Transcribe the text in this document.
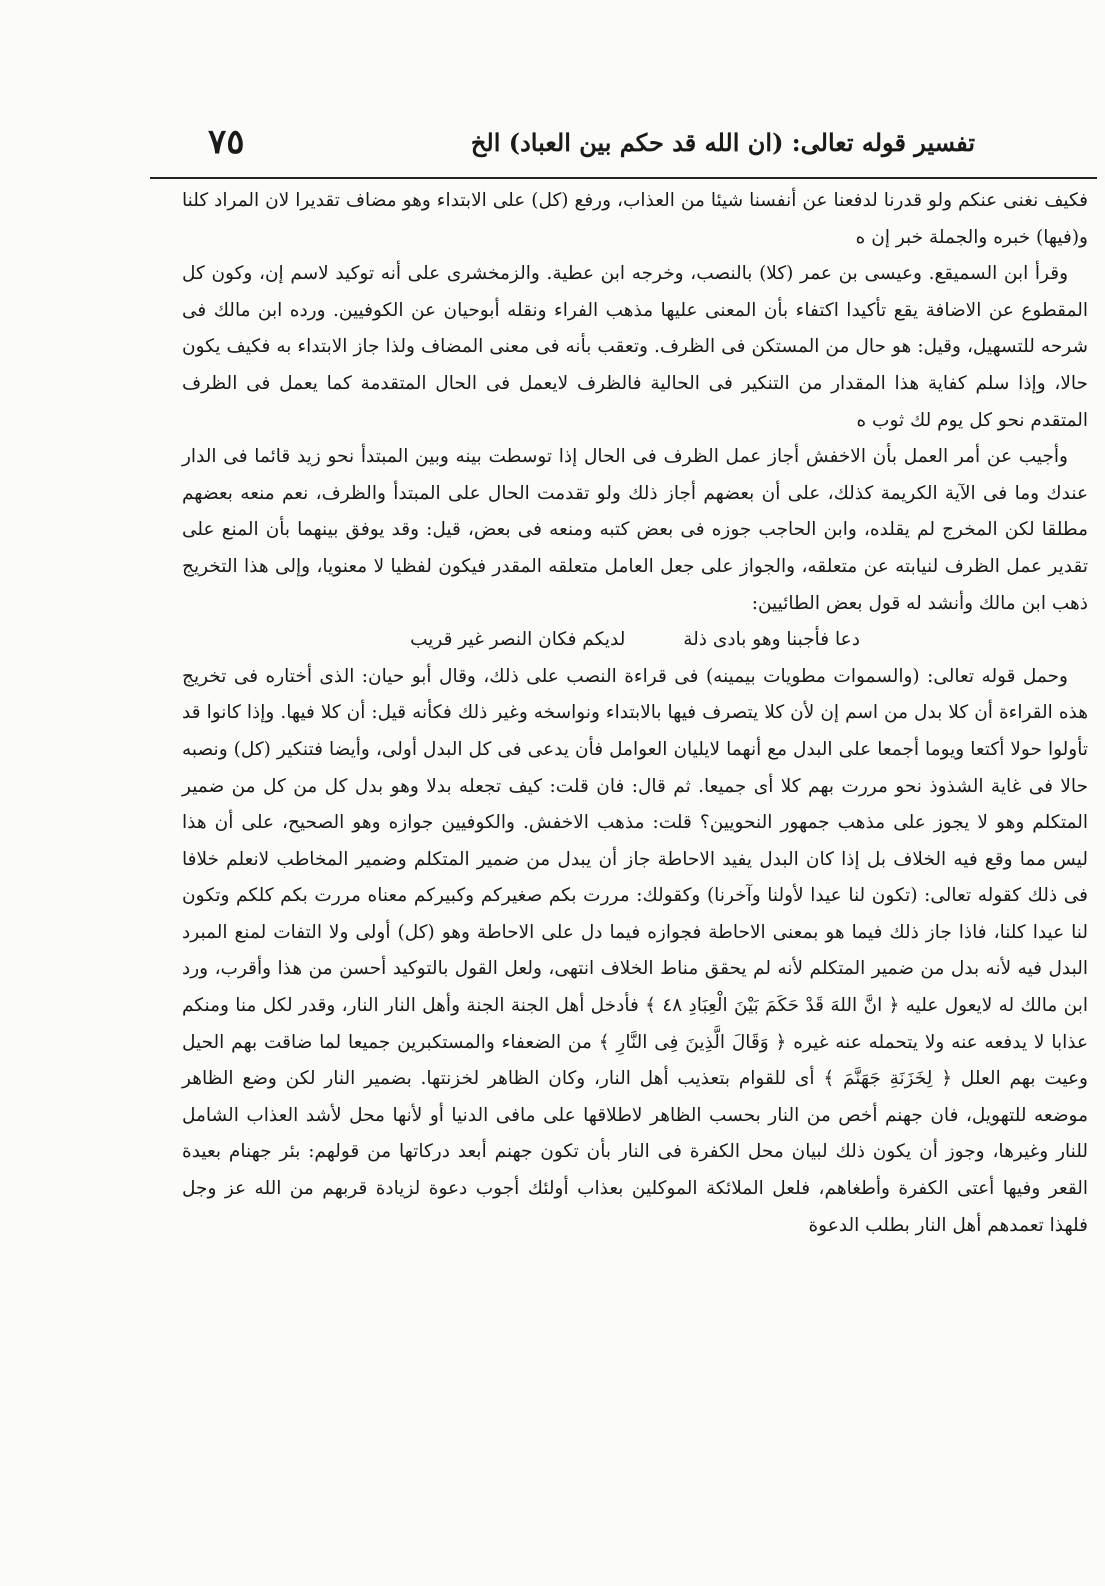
تفسير قوله تعالى: (ان الله قد حكم بين العباد) الخ
٧٥

فكيف نغنى عنكم ولو قدرنا لدفعنا عن أنفسنا شيئا من العذاب، ورفع (كل) على الابتداء وهو مضاف تقديرا لان المراد كلنا و(فيها) خبره والجملة خبر إن ه

وقرأ ابن السميقع. وعيسى بن عمر (كلا) بالنصب، وخرجه ابن عطية. والزمخشرى على أنه توكيد لاسم إن، وكون كل المقطوع عن الاضافة يقع تأكيدا اكتفاء بأن المعنى عليها مذهب الفراء ونقله أبوحيان عن الكوفيين. ورده ابن مالك فى شرحه للتسهيل، وقيل: هو حال من المستكن فى الظرف. وتعقب بأنه فى معنى المضاف ولذا جاز الابتداء به فكيف يكون حالا، وإذا سلم كفاية هذا المقدار من التنكير فى الحالية فالظرف لايعمل فى الحال المتقدمة كما يعمل فى الظرف المتقدم نحو كل يوم لك ثوب ه

وأجيب عن أمر العمل بأن الاخفش أجاز عمل الظرف فى الحال إذا توسطت بينه وبين المبتدأ نحو زيد قائما فى الدار عندك وما فى الآية الكريمة كذلك، على أن بعضهم أجاز ذلك ولو تقدمت الحال على المبتدأ والظرف، نعم منعه بعضهم مطلقا لكن المخرج لم يقلده، وابن الحاجب جوزه فى بعض كتبه ومنعه فى بعض، قيل: وقد يوفق بينهما بأن المنع على تقدير عمل الظرف لنيابته عن متعلقه، والجواز على جعل العامل متعلقه المقدر فيكون لفظيا لا معنويا، وإلى هذا التخريج ذهب ابن مالك وأنشد له قول بعض الطائيين:

دعا فأجبنا وهو بادى ذلة لديكم فكان النصر غير قريب

وحمل قوله تعالى: (والسموات مطويات بيمينه) فى قراءة النصب على ذلك، وقال أبو حيان: الذى أختاره فى تخريج هذه القراءة أن كلا بدل من اسم إن لأن كلا يتصرف فيها بالابتداء ونواسخه وغير ذلك فكأنه قيل: أن كلا فيها. وإذا كانوا قد تأولوا حولا أكتعا ويوما أجمعا على البدل مع أنهما لايليان العوامل فأن يدعى فى كل البدل أولى، وأيضا فتنكير (كل) ونصبه حالا فى غاية الشذوذ نحو مررت بهم كلا أى جميعا. ثم قال: فان قلت: كيف تجعله بدلا وهو بدل كل من كل من ضمير المتكلم وهو لا يجوز على مذهب جمهور النحويين؟ قلت: مذهب الاخفش. والكوفيين جوازه وهو الصحيح، على أن هذا ليس مما وقع فيه الخلاف بل إذا كان البدل يفيد الاحاطة جاز أن يبدل من ضمير المتكلم وضمير المخاطب لانعلم خلافا فى ذلك كقوله تعالى: (تكون لنا عيدا لأولنا وآخرنا) وكقولك: مررت بكم صغيركم وكبيركم معناه مررت بكم كلكم وتكون لنا عيدا كلنا، فاذا جاز ذلك فيما هو بمعنى الاحاطة فجوازه فيما دل على الاحاطة وهو (كل) أولى ولا التفات لمنع المبرد البدل فيه لأنه بدل من ضمير المتكلم لأنه لم يحقق مناط الخلاف انتهى، ولعل القول بالتوكيد أحسن من هذا وأقرب، ورد ابن مالك له لايعول عليه ﴿ انَّ اللهَ قَدْ حَكَمَ بَيْنَ الْعِبَادِ ٤٨ ﴾ فأدخل أهل الجنة الجنة وأهل النار النار، وقدر لكل منا ومنكم عذابا لا يدفعه عنه ولا يتحمله عنه غيره ﴿ وَقَالَ الَّذِينَ فِى النَّارِ ﴾ من الضعفاء والمستكبرين جميعا لما ضاقت بهم الحيل وعيت بهم العلل ﴿ لِخَزَنَةِ جَهَنَّمَ ﴾ أى للقوام بتعذيب أهل النار، وكان الظاهر لخزنتها. بضمير النار لكن وضع الظاهر موضعه للتهويل، فان جهنم أخص من النار بحسب الظاهر لاطلاقها على مافى الدنيا أو لأنها محل لأشد العذاب الشامل للنار وغيرها، وجوز أن يكون ذلك لبيان محل الكفرة فى النار بأن تكون جهنم أبعد دركاتها من قولهم: بئر جهنام بعيدة القعر وفيها أعتى الكفرة وأطغاهم، فلعل الملائكة الموكلين بعذاب أولئك أجوب دعوة لزيادة قربهم من الله عز وجل فلهذا تعمدهم أهل النار بطلب الدعوة
